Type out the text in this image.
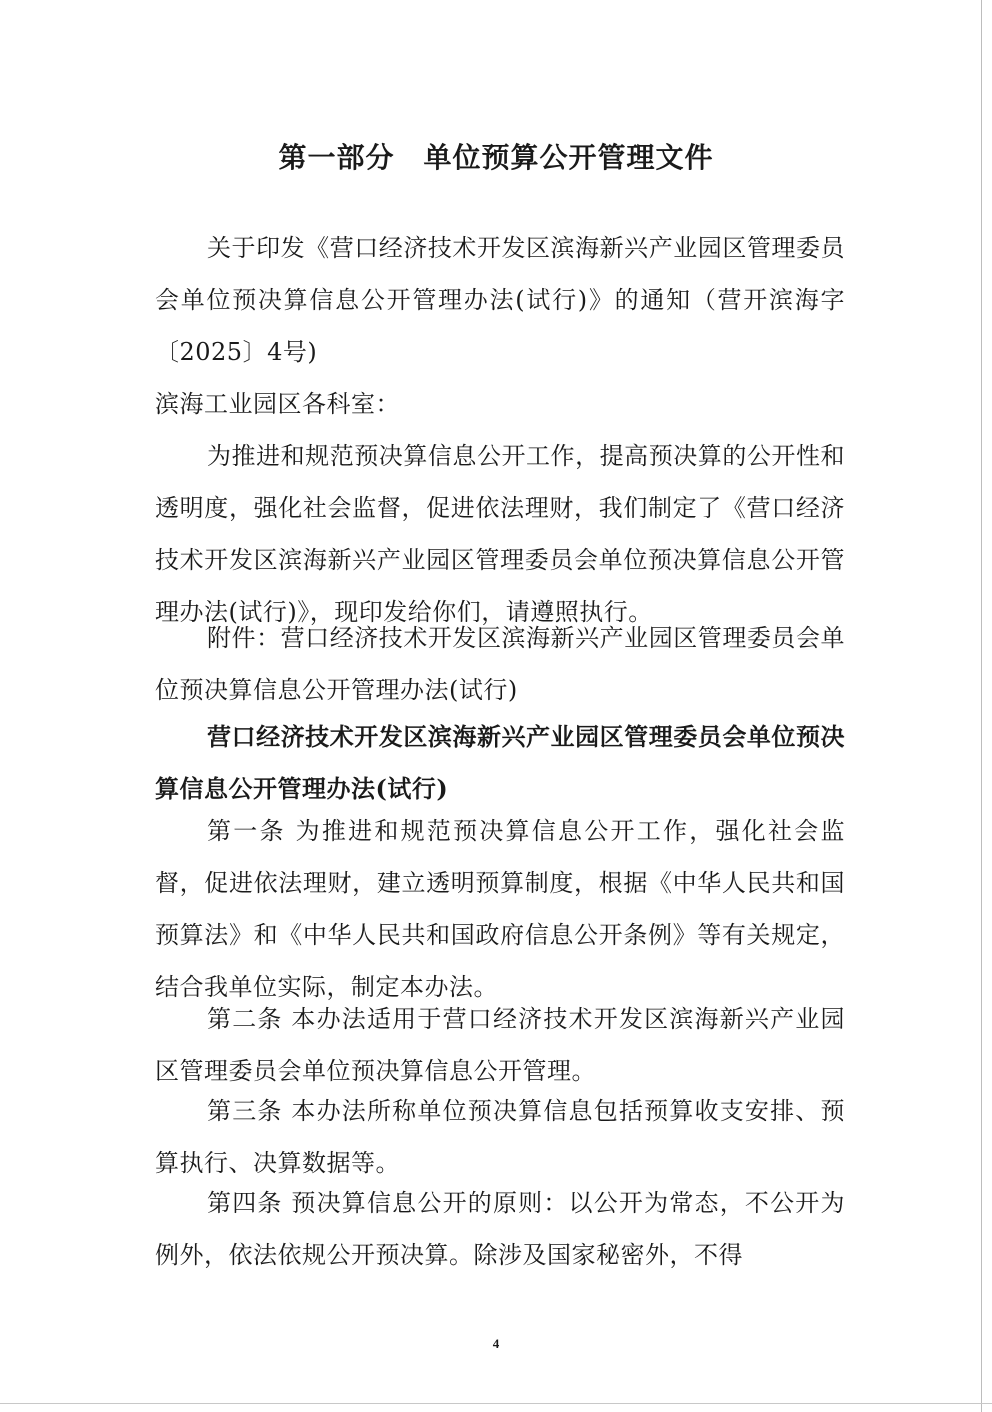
第一部分　单位预算公开管理文件

关于印发《营口经济技术开发区滨海新兴产业园区管理委员会单位预决算信息公开管理办法(试行)》的通知（营开滨海字〔2025〕4号)

滨海工业园区各科室：

为推进和规范预决算信息公开工作，提高预决算的公开性和透明度，强化社会监督，促进依法理财，我们制定了《营口经济技术开发区滨海新兴产业园区管理委员会单位预决算信息公开管理办法(试行)》，现印发给你们，请遵照执行。

附件：营口经济技术开发区滨海新兴产业园区管理委员会单位预决算信息公开管理办法(试行)

营口经济技术开发区滨海新兴产业园区管理委员会单位预决算信息公开管理办法(试行)

第一条 为推进和规范预决算信息公开工作，强化社会监督，促进依法理财，建立透明预算制度，根据《中华人民共和国预算法》和《中华人民共和国政府信息公开条例》等有关规定，结合我单位实际，制定本办法。

第二条 本办法适用于营口经济技术开发区滨海新兴产业园区管理委员会单位预决算信息公开管理。

第三条 本办法所称单位预决算信息包括预算收支安排、预算执行、决算数据等。

第四条 预决算信息公开的原则：以公开为常态，不公开为例外，依法依规公开预决算。除涉及国家秘密外，不得

4
